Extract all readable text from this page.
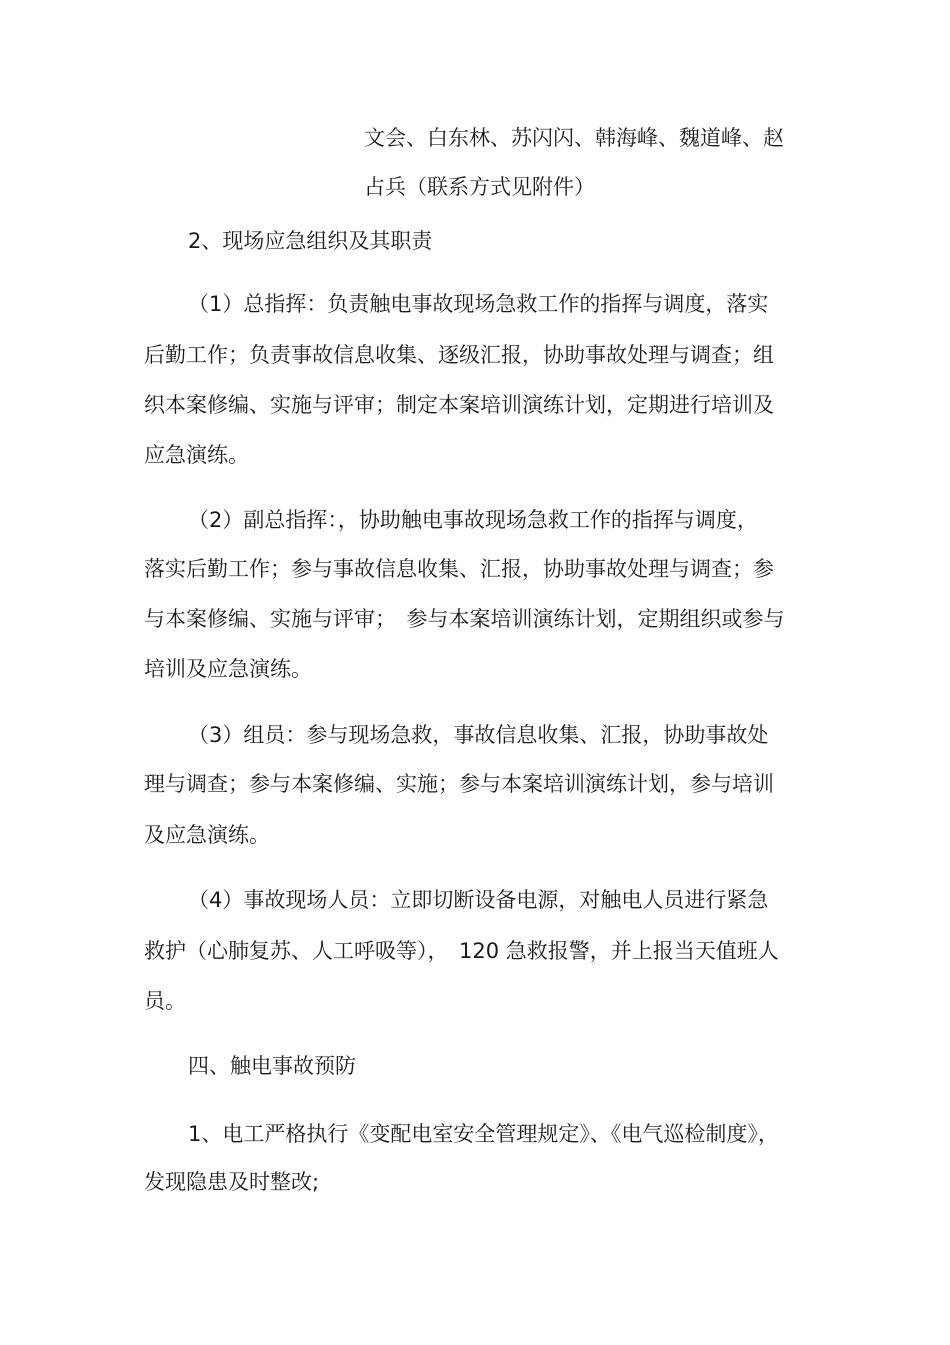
文会、白东林、苏闪闪、韩海峰、魏道峰、赵
占兵（联系方式见附件）
2、现场应急组织及其职责
（1）总指挥：负责触电事故现场急救工作的指挥与调度，落实
后勤工作；负责事故信息收集、逐级汇报，协助事故处理与调查；组
织本案修编、实施与评审；制定本案培训演练计划，定期进行培训及
应急演练。
（2）副总指挥：，协助触电事故现场急救工作的指挥与调度，
落实后勤工作；参与事故信息收集、汇报，协助事故处理与调查；参
与本案修编、实施与评审；　参与本案培训演练计划，定期组织或参与
培训及应急演练。
（3）组员：参与现场急救，事故信息收集、汇报，协助事故处
理与调查；参与本案修编、实施；参与本案培训演练计划，参与培训
及应急演练。
（4）事故现场人员：立即切断设备电源，对触电人员进行紧急
救护（心肺复苏、人工呼吸等），　120 急救报警，并上报当天值班人
员。
四、触电事故预防
1、电工严格执行《变配电室安全管理规定》、《电气巡检制度》，
发现隐患及时整改;
